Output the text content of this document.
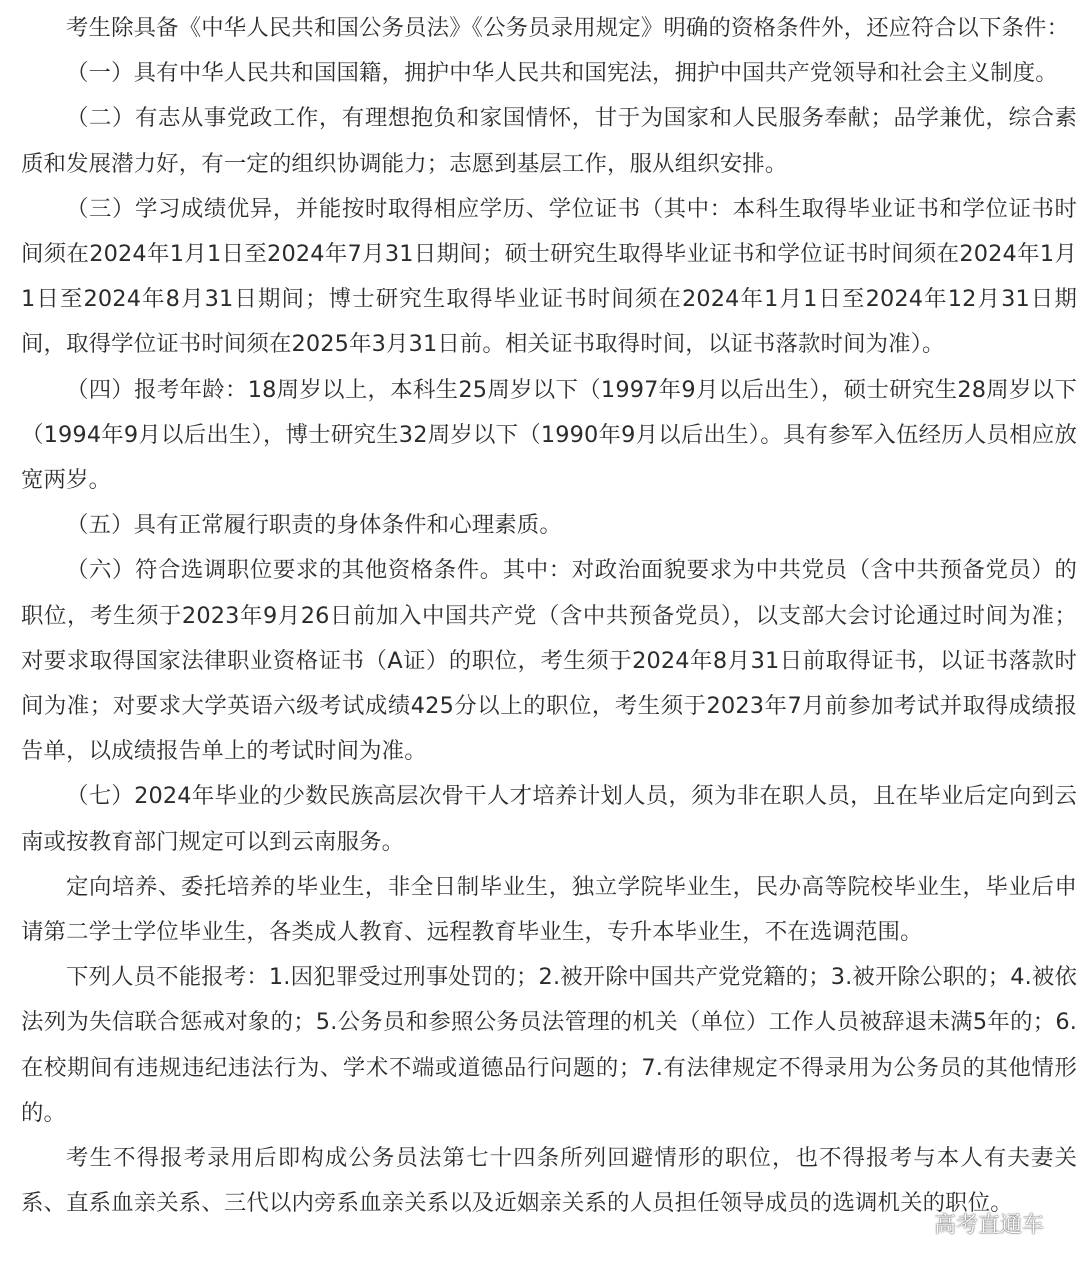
考生除具备《中华人民共和国公务员法》《公务员录用规定》明确的资格条件外，还应符合以下条件：

（一）具有中华人民共和国国籍，拥护中华人民共和国宪法，拥护中国共产党领导和社会主义制度。

（二）有志从事党政工作，有理想抱负和家国情怀，甘于为国家和人民服务奉献；品学兼优，综合素质和发展潜力好，有一定的组织协调能力；志愿到基层工作，服从组织安排。

（三）学习成绩优异，并能按时取得相应学历、学位证书（其中：本科生取得毕业证书和学位证书时间须在2024年1月1日至2024年7月31日期间；硕士研究生取得毕业证书和学位证书时间须在2024年1月1日至2024年8月31日期间；博士研究生取得毕业证书时间须在2024年1月1日至2024年12月31日期间，取得学位证书时间须在2025年3月31日前。相关证书取得时间，以证书落款时间为准）。

（四）报考年龄：18周岁以上，本科生25周岁以下（1997年9月以后出生），硕士研究生28周岁以下（1994年9月以后出生），博士研究生32周岁以下（1990年9月以后出生）。具有参军入伍经历人员相应放宽两岁。

（五）具有正常履行职责的身体条件和心理素质。

（六）符合选调职位要求的其他资格条件。其中：对政治面貌要求为中共党员（含中共预备党员）的职位，考生须于2023年9月26日前加入中国共产党（含中共预备党员），以支部大会讨论通过时间为准；对要求取得国家法律职业资格证书（A证）的职位，考生须于2024年8月31日前取得证书，以证书落款时间为准；对要求大学英语六级考试成绩425分以上的职位，考生须于2023年7月前参加考试并取得成绩报告单，以成绩报告单上的考试时间为准。

（七）2024年毕业的少数民族高层次骨干人才培养计划人员，须为非在职人员，且在毕业后定向到云南或按教育部门规定可以到云南服务。

定向培养、委托培养的毕业生，非全日制毕业生，独立学院毕业生，民办高等院校毕业生，毕业后申请第二学士学位毕业生，各类成人教育、远程教育毕业生，专升本毕业生，不在选调范围。

下列人员不能报考：1.因犯罪受过刑事处罚的；2.被开除中国共产党党籍的；3.被开除公职的；4.被依法列为失信联合惩戒对象的；5.公务员和参照公务员法管理的机关（单位）工作人员被辞退未满5年的；6.在校期间有违规违纪违法行为、学术不端或道德品行问题的；7.有法律规定不得录用为公务员的其他情形的。

考生不得报考录用后即构成公务员法第七十四条所列回避情形的职位，也不得报考与本人有夫妻关系、直系血亲关系、三代以内旁系血亲关系以及近姻亲关系的人员担任领导成员的选调机关的职位。

高考直通车
